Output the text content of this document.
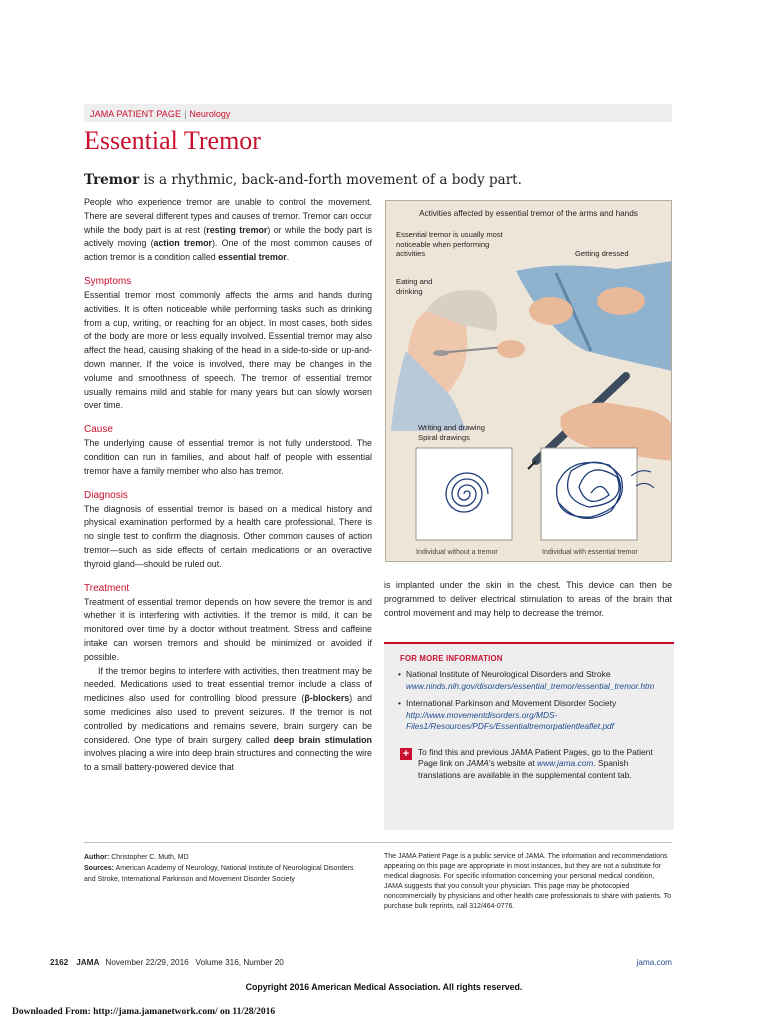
JAMA PATIENT PAGE | Neurology
Essential Tremor
Tremor is a rhythmic, back-and-forth movement of a body part.

People who experience tremor are unable to control the movement. There are several different types and causes of tremor. Tremor can occur while the body part is at rest (resting tremor) or while the body part is actively moving (action tremor). One of the most common causes of action tremor is a condition called essential tremor.

Symptoms

Essential tremor most commonly affects the arms and hands during activities. It is often noticeable while performing tasks such as drinking from a cup, writing, or reaching for an object. In most cases, both sides of the body are more or less equally involved. Essential tremor may also affect the head, causing shaking of the head in a side-to-side or up-and-down manner. If the voice is involved, there may be changes in the volume and smoothness of speech. The tremor of essential tremor usually remains mild and stable for many years but can slowly worsen over time.

Cause

The underlying cause of essential tremor is not fully understood. The condition can run in families, and about half of people with essential tremor have a family member who also has tremor.

Diagnosis

The diagnosis of essential tremor is based on a medical history and physical examination performed by a health care professional. There is no single test to confirm the diagnosis. Other common causes of action tremor—such as side effects of certain medications or an overactive thyroid gland—should be ruled out.

Treatment

Treatment of essential tremor depends on how severe the tremor is and whether it is interfering with activities. If the tremor is mild, it can be monitored over time by a doctor without treatment. Stress and caffeine intake can worsen tremors and should be minimized or avoided if possible.

If the tremor begins to interfere with activities, then treatment may be needed. Medications used to treat essential tremor include a class of medicines also used for controlling blood pressure (β-blockers) and some medicines also used to prevent seizures. If the tremor is not controlled by medications and remains severe, brain surgery can be considered. One type of brain surgery called deep brain stimulation involves placing a wire into deep brain structures and connecting the wire to a small battery-powered device that

Activities affected by essential tremor of the arms and hands
Essential tremor is usually most noticeable when performing activities	Getting dressed
Eating and drinking
Writing and drawing
Spiral drawings
Individual without a tremor	Individual with essential tremor
is implanted under the skin in the chest. This device can then be programmed to deliver electrical stimulation to areas of the brain that control movement and may help to decrease the tremor.
FOR MORE INFORMATION
• National Institute of Neurological Disorders and Stroke
www.ninds.nih.gov/disorders/essential_tremor/essential_tremor.htm
• International Parkinson and Movement Disorder Society
http://www.movementdisorders.org/MDS-Files1/Resources/PDFs/Essentialtremorpatientleaflet.pdf
+	To find this and previous JAMA Patient Pages, go to the Patient Page link on JAMA’s website at www.jama.com. Spanish translations are available in the supplemental content tab.
Author: Christopher C. Muth, MD
Sources: American Academy of Neurology, National Institute of Neurological Disorders and Stroke, International Parkinson and Movement Disorder Society
The JAMA Patient Page is a public service of JAMA. The information and recommendations appearing on this page are appropriate in most instances, but they are not a substitute for medical diagnosis. For specific information concerning your personal medical condition, JAMA suggests that you consult your physician. This page may be photocopied noncommercially by physicians and other health care professionals to share with patients. To purchase bulk reprints, call 312/464-0776.
2162 JAMA November 22/29, 2016   Volume 316, Number 20	jama.com
Copyright 2016 American Medical Association. All rights reserved.
Downloaded From: http://jama.jamanetwork.com/ on 11/28/2016
